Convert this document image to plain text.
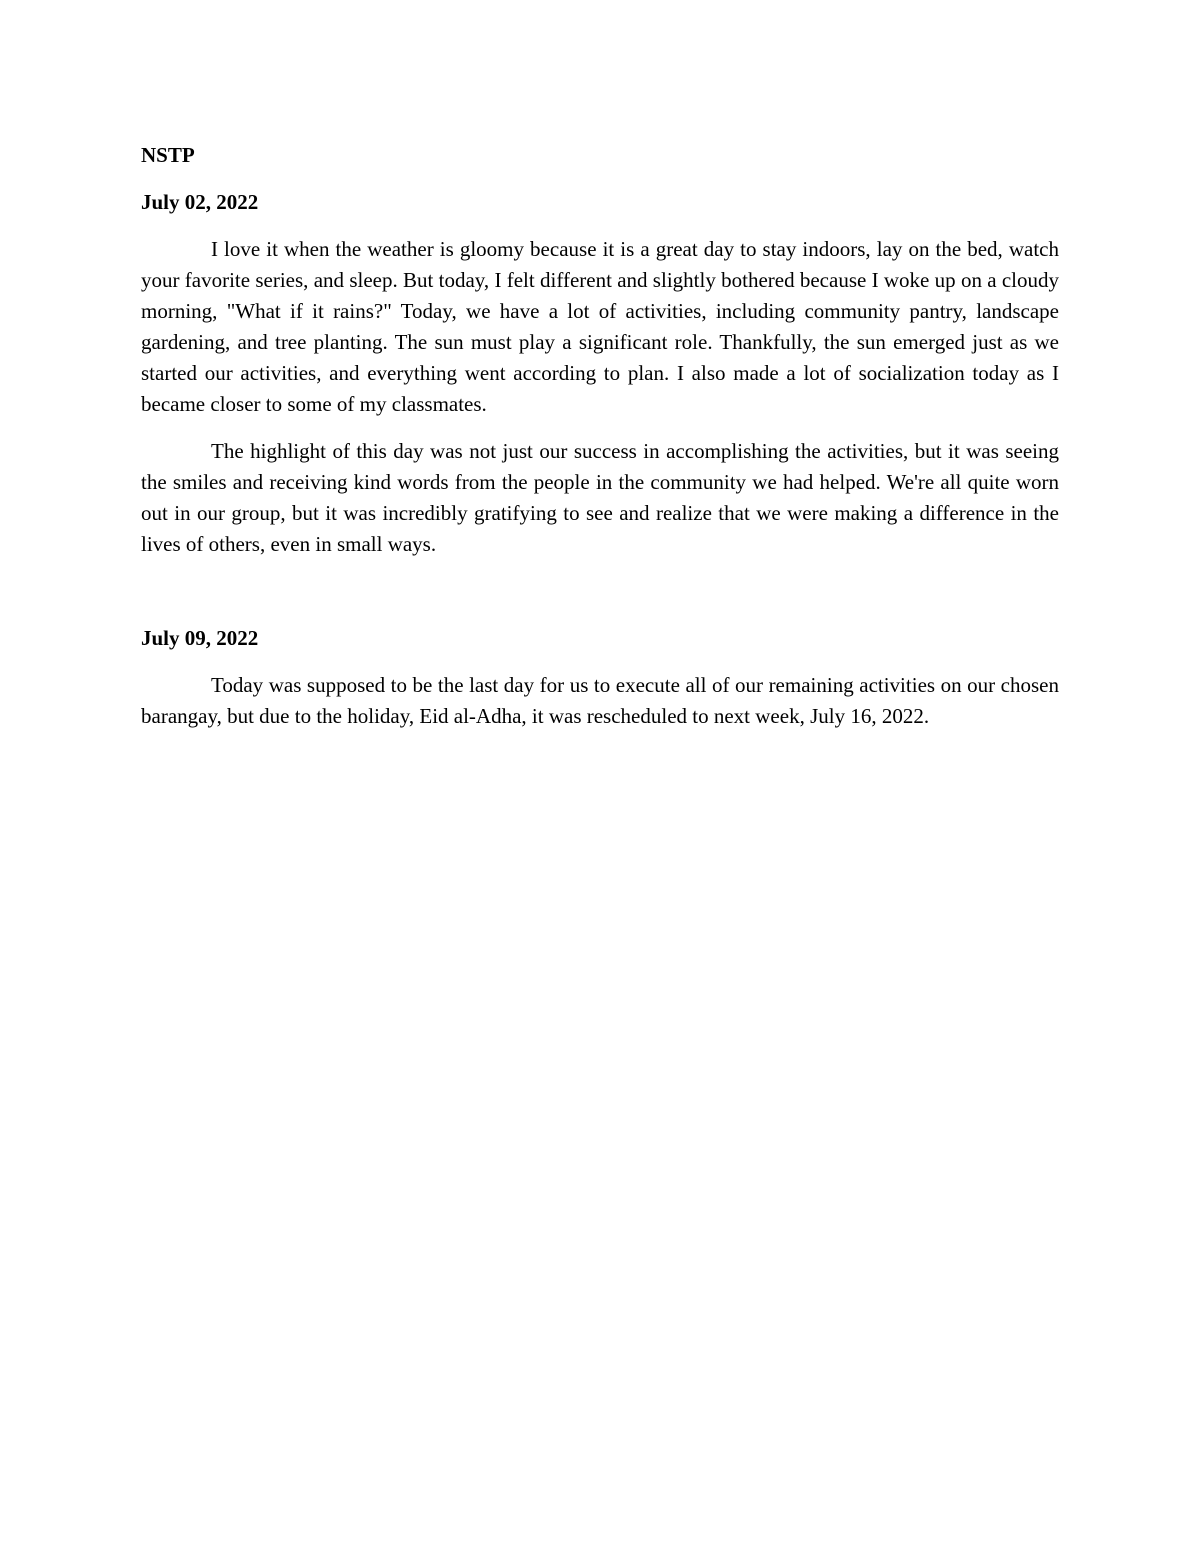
NSTP

July 02, 2022

I love it when the weather is gloomy because it is a great day to stay indoors, lay on the bed, watch your favorite series, and sleep. But today, I felt different and slightly bothered because I woke up on a cloudy morning, "What if it rains?" Today, we have a lot of activities, including community pantry, landscape gardening, and tree planting. The sun must play a significant role. Thankfully, the sun emerged just as we started our activities, and everything went according to plan. I also made a lot of socialization today as I became closer to some of my classmates.

The highlight of this day was not just our success in accomplishing the activities, but it was seeing the smiles and receiving kind words from the people in the community we had helped. We're all quite worn out in our group, but it was incredibly gratifying to see and realize that we were making a difference in the lives of others, even in small ways.

July 09, 2022

Today was supposed to be the last day for us to execute all of our remaining activities on our chosen barangay, but due to the holiday, Eid al-Adha, it was rescheduled to next week, July 16, 2022.
